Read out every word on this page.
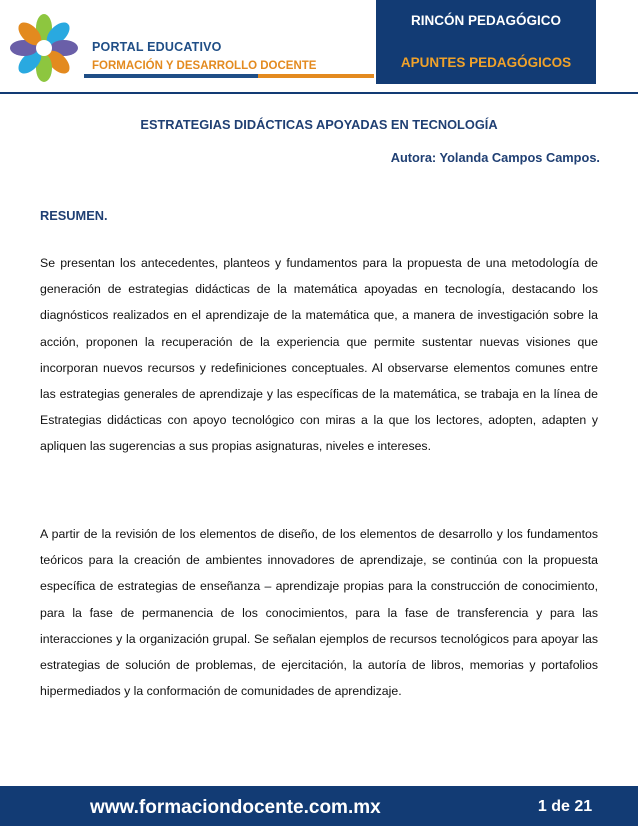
PORTAL EDUCATIVO
FORMACIÓN Y DESARROLLO DOCENTE
RINCÓN PEDAGÓGICO
APUNTES PEDAGÓGICOS
ESTRATEGIAS DIDÁCTICAS APOYADAS EN TECNOLOGÍA
Autora: Yolanda Campos Campos.
RESUMEN.

Se presentan los antecedentes, planteos y fundamentos para la propuesta de una metodología de generación de estrategias didácticas de la matemática apoyadas en tecnología, destacando los diagnósticos realizados en el aprendizaje de la matemática que, a manera de investigación sobre la acción, proponen la recuperación de la experiencia que permite sustentar nuevas visiones que incorporan nuevos recursos y redefiniciones conceptuales. Al observarse elementos comunes entre las estrategias generales de aprendizaje y las específicas de la matemática, se trabaja en la línea de Estrategias didácticas con apoyo tecnológico con miras a la que los lectores, adopten, adapten y apliquen las sugerencias a sus propias asignaturas, niveles e intereses.

A partir de la revisión de los elementos de diseño, de los elementos de desarrollo y los fundamentos teóricos para la creación de ambientes innovadores de aprendizaje, se continúa con la propuesta específica de estrategias de enseñanza – aprendizaje propias para la construcción de conocimiento, para la fase de permanencia de los conocimientos, para la fase de transferencia y para las interacciones y la organización grupal. Se señalan ejemplos de recursos tecnológicos para apoyar las estrategias de solución de problemas, de ejercitación, la autoría de libros, memorias y portafolios hipermediados y la conformación de comunidades de aprendizaje.

www.formaciondocente.com.mx	1 de 21
